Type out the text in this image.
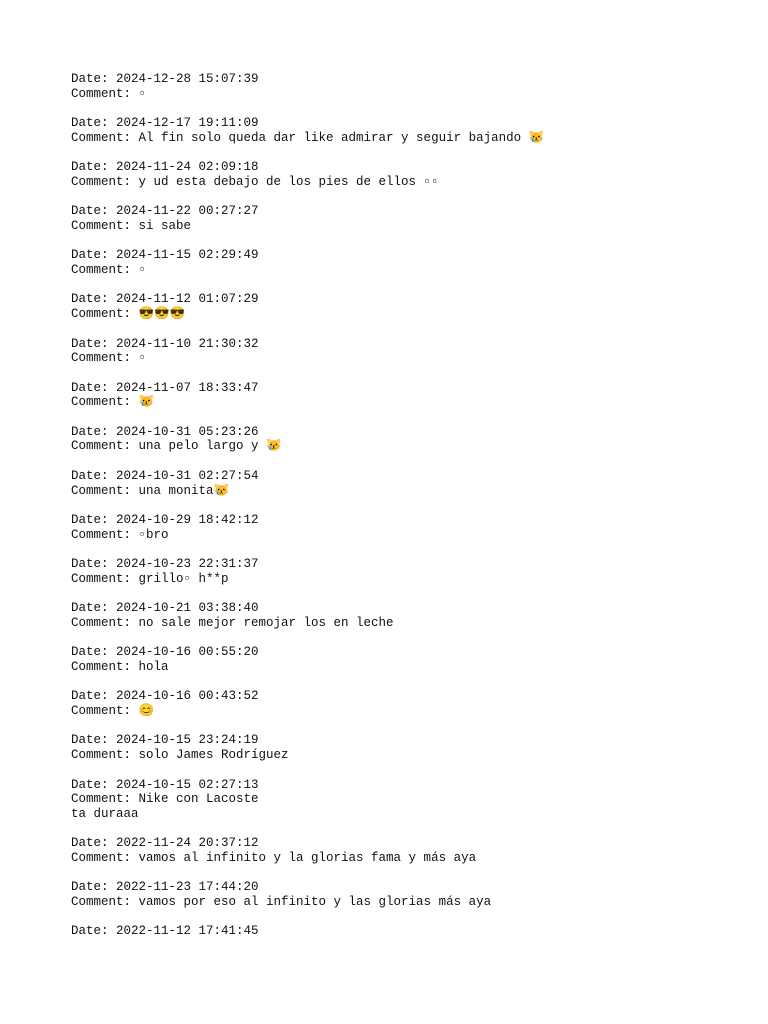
Date: 2024-12-28 15:07:39
Comment: ▫
Date: 2024-12-17 19:11:09
Comment: Al fin solo queda dar like admirar y seguir bajando 😿
Date: 2024-11-24 02:09:18
Comment: y ud esta debajo de los pies de ellos ▫▫
Date: 2024-11-22 00:27:27
Comment: si sabe
Date: 2024-11-15 02:29:49
Comment: ▫
Date: 2024-11-12 01:07:29
Comment: 😎😎😎
Date: 2024-11-10 21:30:32
Comment: ▫
Date: 2024-11-07 18:33:47
Comment: 😿
Date: 2024-10-31 05:23:26
Comment: una pelo largo y 😿
Date: 2024-10-31 02:27:54
Comment: una monita😿
Date: 2024-10-29 18:42:12
Comment: ▫bro
Date: 2024-10-23 22:31:37
Comment: grillo▫ h**p
Date: 2024-10-21 03:38:40
Comment: no sale mejor remojar los en leche
Date: 2024-10-16 00:55:20
Comment: hola
Date: 2024-10-16 00:43:52
Comment: 😊
Date: 2024-10-15 23:24:19
Comment: solo James Rodríguez
Date: 2024-10-15 02:27:13
Comment: Nike con Lacoste
ta duraaa
Date: 2022-11-24 20:37:12
Comment: vamos al infinito y la glorias fama y más aya
Date: 2022-11-23 17:44:20
Comment: vamos por eso al infinito y las glorias más aya
Date: 2022-11-12 17:41:45
